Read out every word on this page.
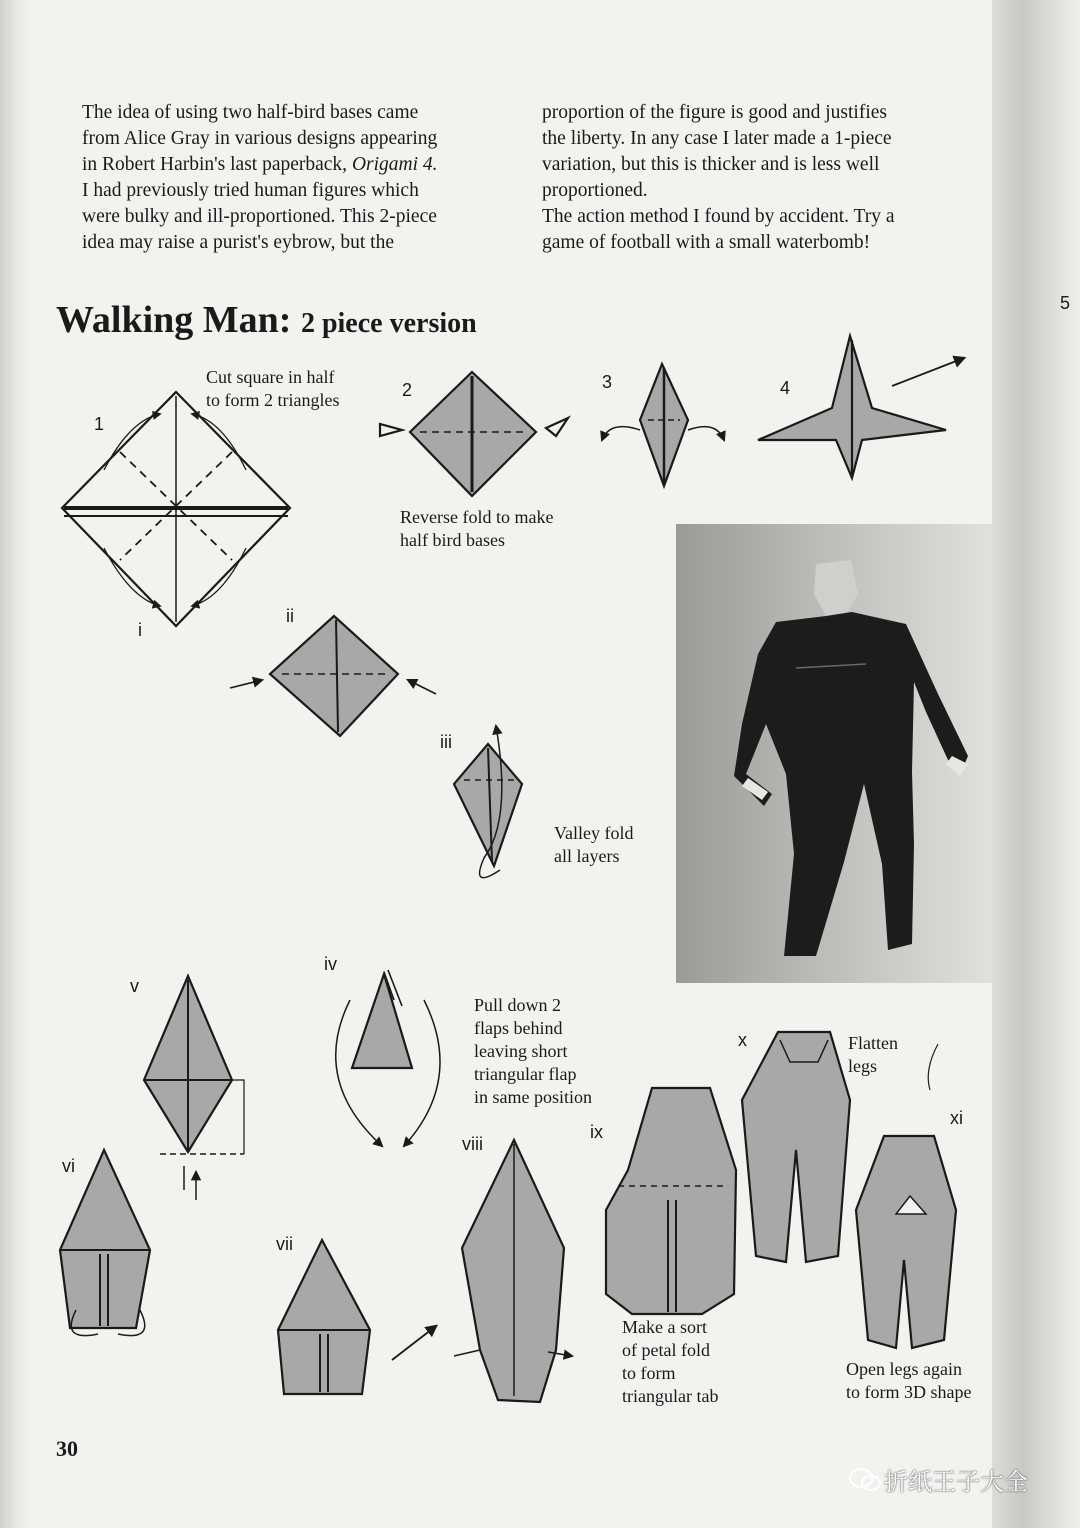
5

The idea of using two half-bird bases came

from Alice Gray in various designs appearing

in Robert Harbin's last paperback, Origami 4.

I had previously tried human figures which

were bulky and ill-proportioned. This 2-piece

idea may raise a purist's eybrow, but the

proportion of the figure is good and justifies

the liberty. In any case I later made a 1-piece

variation, but this is thicker and is less well

proportioned.

The action method I found by accident. Try a

game of football with a small waterbomb!

Walking Man: 2 piece version
1
2	3	4
i
ii
iii
iv
v
vi
vii
viii
ix
x
xi
Cut square in half
to form 2 triangles
Reverse fold to make
half bird bases
Valley fold
all layers
Pull down 2
flaps behind
leaving short
triangular flap
in same position
Flatten
legs
Make a sort
of petal fold
to form
triangular tab
Open legs again
to form 3D shape
30
折纸王子大全
